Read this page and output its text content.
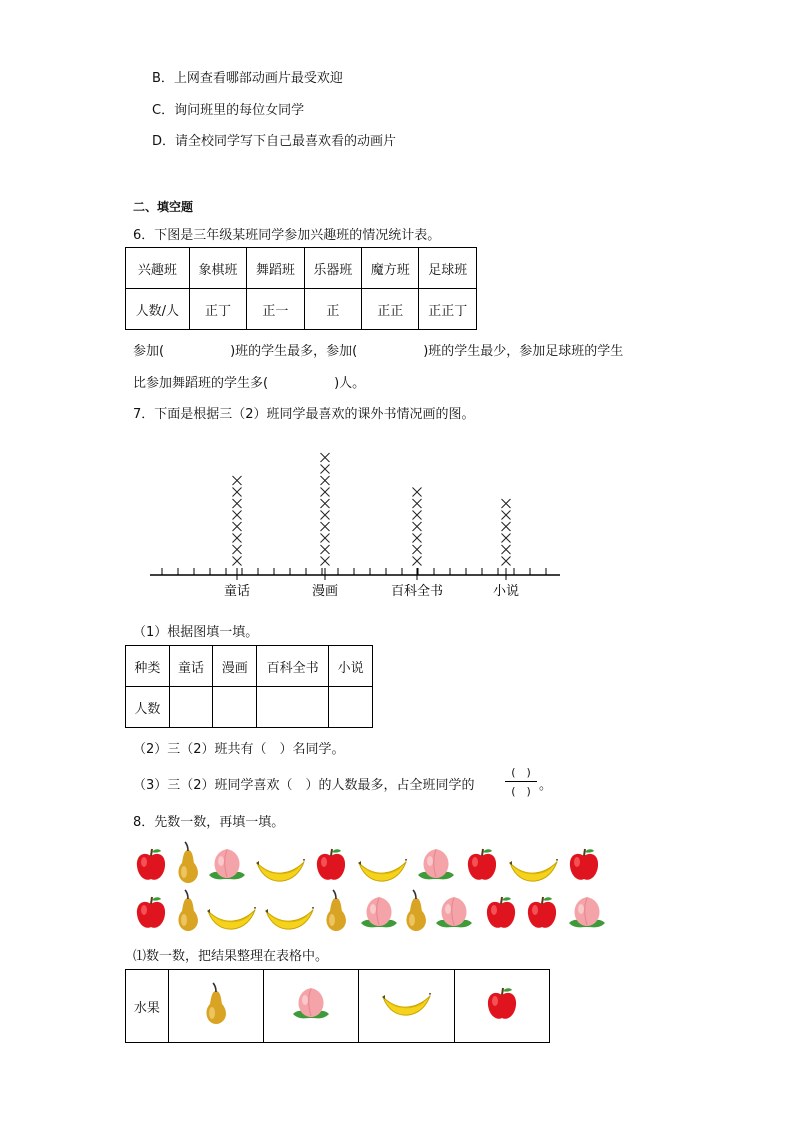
B．上网查看哪部动画片最受欢迎
C．询问班里的每位女同学
D．请全校同学写下自己最喜欢看的动画片
二、填空题
6．下图是三年级某班同学参加兴趣班的情况统计表。
兴趣班	象棋班	舞蹈班	乐器班	魔方班	足球班
人数/人	正丁	正一	正	正正	正正丁
参加(	)班的学生最多，参加(	)班的学生最少，参加足球班的学生
比参加舞蹈班的学生多(	)人。
7．下面是根据三（2）班同学最喜欢的课外书情况画的图。
童话	漫画	百科全书	小说
（1）根据图填一填。
种类	童话	漫画	百科全书	小说
人数				
（2）三（2）班共有（　）名同学。
（3）三（2）班同学喜欢（　）的人数最多，占全班同学的
(　)
(　) 。
8．先数一数，再填一填。
⑴数一数，把结果整理在表格中。
水果				
